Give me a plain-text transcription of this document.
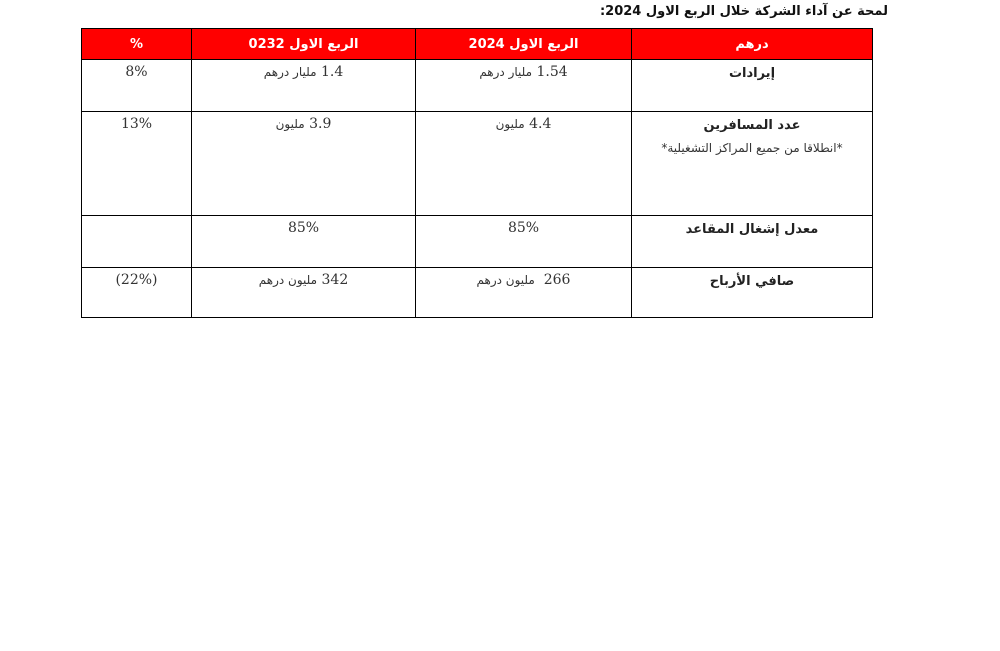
لمحة عن آداء الشركة خلال الربع الاول 2024:
%	023الربع الاول 2	الربع الاول 2024	درهم

8%	1.4 مليار درهم	1.54 مليار درهم	إيرادات

13%	3.9 مليون	4.4 مليون	عدد المسافرين
*انطلاقا من جميع المراكز التشغيلية*

	85%	85%	معدل إشغال المقاعد

(22%)	342 مليون درهم	266  مليون درهم	صافي الأرباح
